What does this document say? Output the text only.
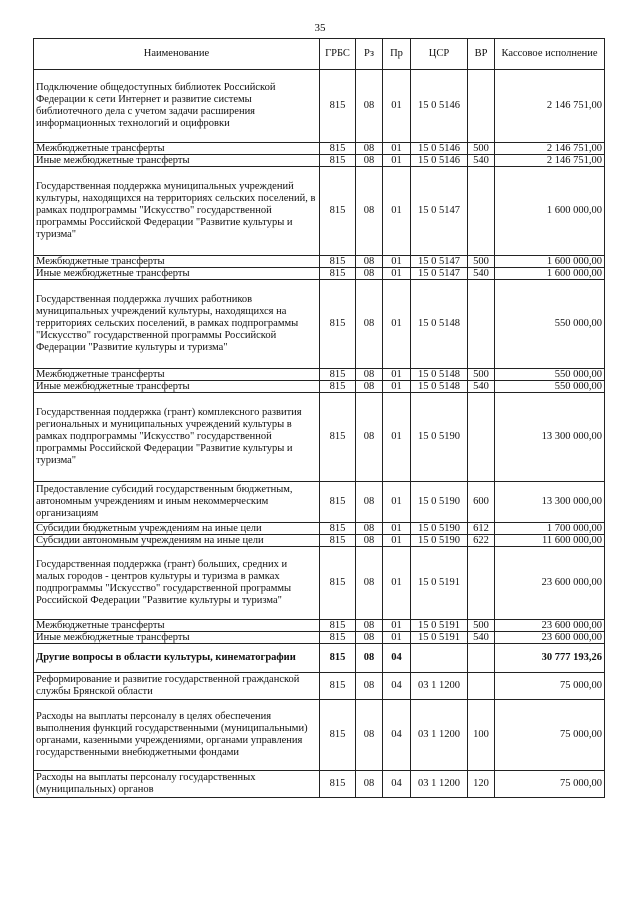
35
Наименование	ГРБС	Рз	Пр	ЦСР	ВР	Кассовое исполнение
Подключение общедоступных библиотек Российской Федерации к сети Интернет и развитие системы библиотечного дела с учетом задачи расширения информационных технологий и оцифровки	815	08	01	15 0 5146		2 146 751,00
Межбюджетные трансферты	815	08	01	15 0 5146	500	2 146 751,00
Иные межбюджетные трансферты	815	08	01	15 0 5146	540	2 146 751,00
Государственная поддержка муниципальных учреждений культуры, находящихся на территориях сельских поселений, в рамках подпрограммы "Искусство" государственной программы Российской Федерации "Развитие культуры и туризма"	815	08	01	15 0 5147		1 600 000,00
Межбюджетные трансферты	815	08	01	15 0 5147	500	1 600 000,00
Иные межбюджетные трансферты	815	08	01	15 0 5147	540	1 600 000,00
Государственная поддержка лучших работников муниципальных учреждений культуры, находящихся на территориях сельских поселений, в рамках подпрограммы "Искусство" государственной программы Российской Федерации "Развитие культуры и туризма"	815	08	01	15 0 5148		550 000,00
Межбюджетные трансферты	815	08	01	15 0 5148	500	550 000,00
Иные межбюджетные трансферты	815	08	01	15 0 5148	540	550 000,00
Государственная поддержка (грант) комплексного развития региональных и муниципальных учреждений культуры в рамках подпрограммы "Искусство" государственной программы Российской Федерации "Развитие культуры и туризма"	815	08	01	15 0 5190		13 300 000,00
Предоставление субсидий государственным бюджетным, автономным учреждениям и иным некоммерческим организациям	815	08	01	15 0 5190	600	13 300 000,00
Субсидии бюджетным учреждениям на иные цели	815	08	01	15 0 5190	612	1 700 000,00
Субсидии автономным учреждениям на иные цели	815	08	01	15 0 5190	622	11 600 000,00
Государственная поддержка (грант) больших, средних и малых городов - центров культуры и туризма в рамках подпрограммы "Искусство" государственной программы Российской Федерации "Развитие культуры и туризма"	815	08	01	15 0 5191		23 600 000,00
Межбюджетные трансферты	815	08	01	15 0 5191	500	23 600 000,00
Иные межбюджетные трансферты	815	08	01	15 0 5191	540	23 600 000,00
Другие вопросы в области культуры, кинематографии	815	08	04			30 777 193,26
Реформирование и развитие государственной гражданской службы Брянской области	815	08	04	03 1 1200		75 000,00
Расходы на выплаты персоналу в целях обеспечения выполнения функций государственными (муниципальными) органами, казенными учреждениями, органами управления государственными внебюджетными фондами	815	08	04	03 1 1200	100	75 000,00
Расходы на выплаты персоналу государственных (муниципальных) органов	815	08	04	03 1 1200	120	75 000,00
